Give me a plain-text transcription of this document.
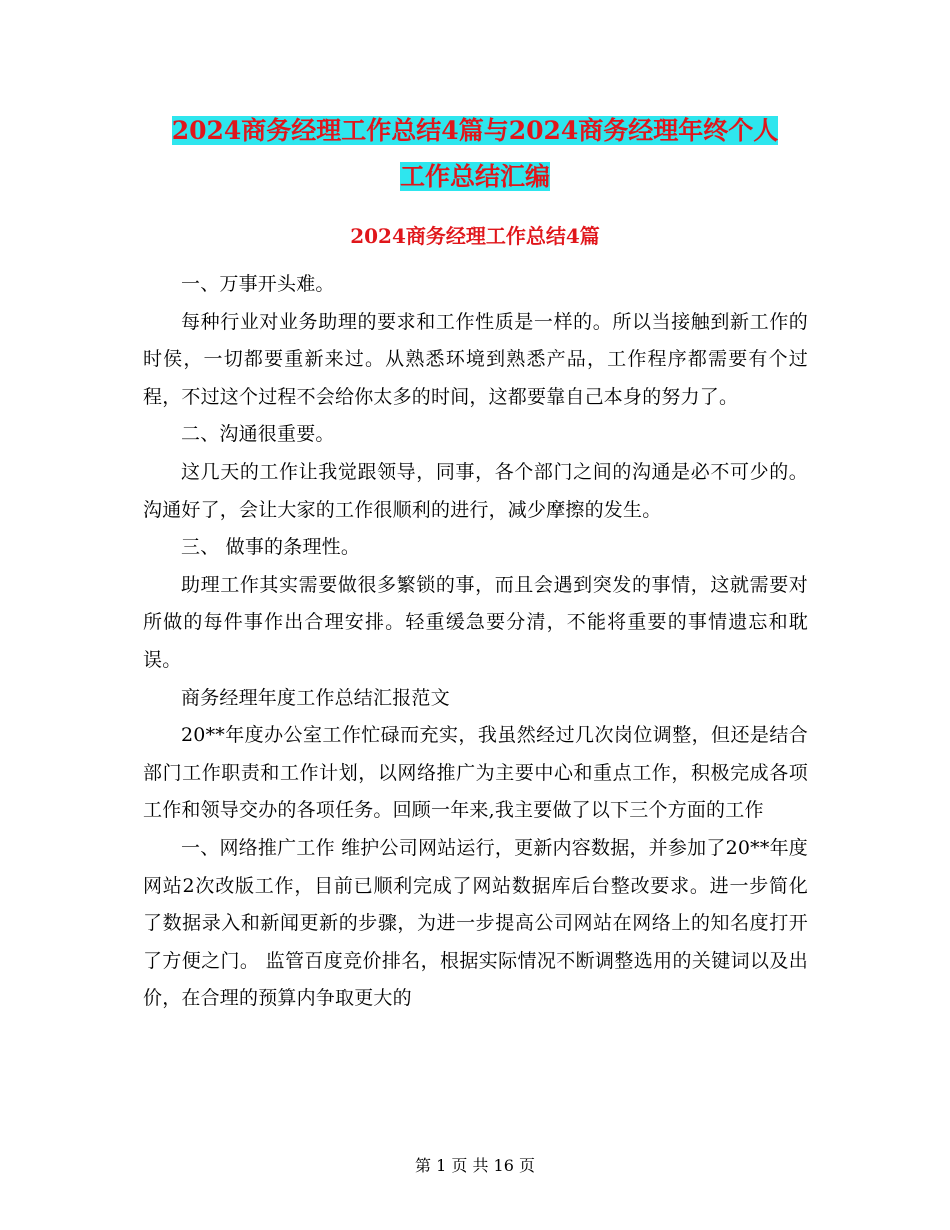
2024商务经理工作总结4篇与2024商务经理年终个人
工作总结汇编
2024商务经理工作总结4篇

一、万事开头难。

每种行业对业务助理的要求和工作性质是一样的。所以当接触到新工作的时侯，一切都要重新来过。从熟悉环境到熟悉产品，工作程序都需要有个过程，不过这个过程不会给你太多的时间，这都要靠自己本身的努力了。

二、沟通很重要。

这几天的工作让我觉跟领导，同事，各个部门之间的沟通是必不可少的。沟通好了，会让大家的工作很顺利的进行，减少摩擦的发生。

三、 做事的条理性。

助理工作其实需要做很多繁锁的事，而且会遇到突发的事情，这就需要对所做的每件事作出合理安排。轻重缓急要分清，不能将重要的事情遗忘和耽误。

商务经理年度工作总结汇报范文

20**年度办公室工作忙碌而充实，我虽然经过几次岗位调整，但还是结合部门工作职责和工作计划，以网络推广为主要中心和重点工作，积极完成各项工作和领导交办的各项任务。回顾一年来,我主要做了以下三个方面的工作

一、网络推广工作 维护公司网站运行，更新内容数据，并参加了20**年度网站2次改版工作，目前已顺利完成了网站数据库后台整改要求。进一步简化了数据录入和新闻更新的步骤，为进一步提高公司网站在网络上的知名度打开了方便之门。 监管百度竞价排名，根据实际情况不断调整选用的关键词以及出价，在合理的预算内争取更大的

第 1 页 共 16 页
